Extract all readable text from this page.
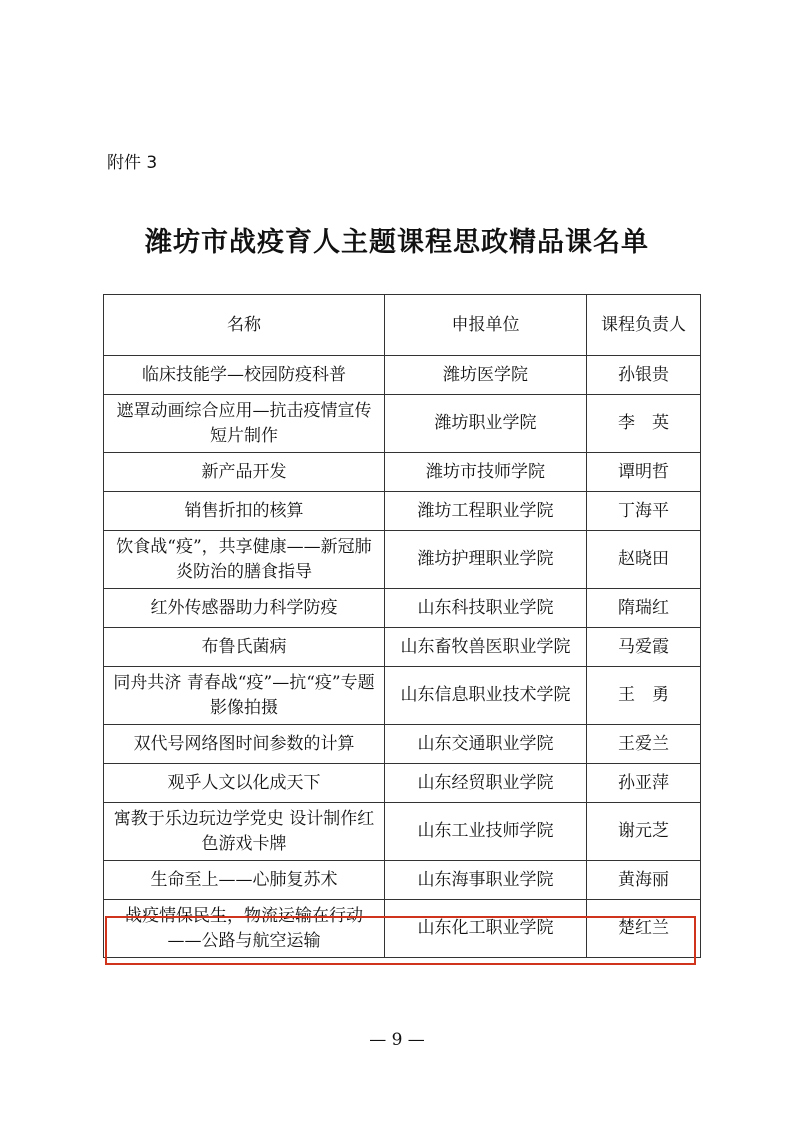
附件 3
潍坊市战疫育人主题课程思政精品课名单
名称	申报单位	课程负责人
临床技能学—校园防疫科普	潍坊医学院	孙银贵
遮罩动画综合应用—抗击疫情宣传短片制作	潍坊职业学院	李　英
新产品开发	潍坊市技师学院	谭明哲
销售折扣的核算	潍坊工程职业学院	丁海平
饮食战“疫”，共享健康——新冠肺炎防治的膳食指导	潍坊护理职业学院	赵晓田
红外传感器助力科学防疫	山东科技职业学院	隋瑞红
布鲁氏菌病	山东畜牧兽医职业学院	马爱霞
同舟共济 青春战“疫”—抗“疫”专题影像拍摄	山东信息职业技术学院	王　勇
双代号网络图时间参数的计算	山东交通职业学院	王爱兰
观乎人文以化成天下	山东经贸职业学院	孙亚萍
寓教于乐边玩边学党史 设计制作红色游戏卡牌	山东工业技师学院	谢元芝
生命至上——心肺复苏术	山东海事职业学院	黄海丽
战疫情保民生，物流运输在行动——公路与航空运输	山东化工职业学院	楚红兰
— 9 —
